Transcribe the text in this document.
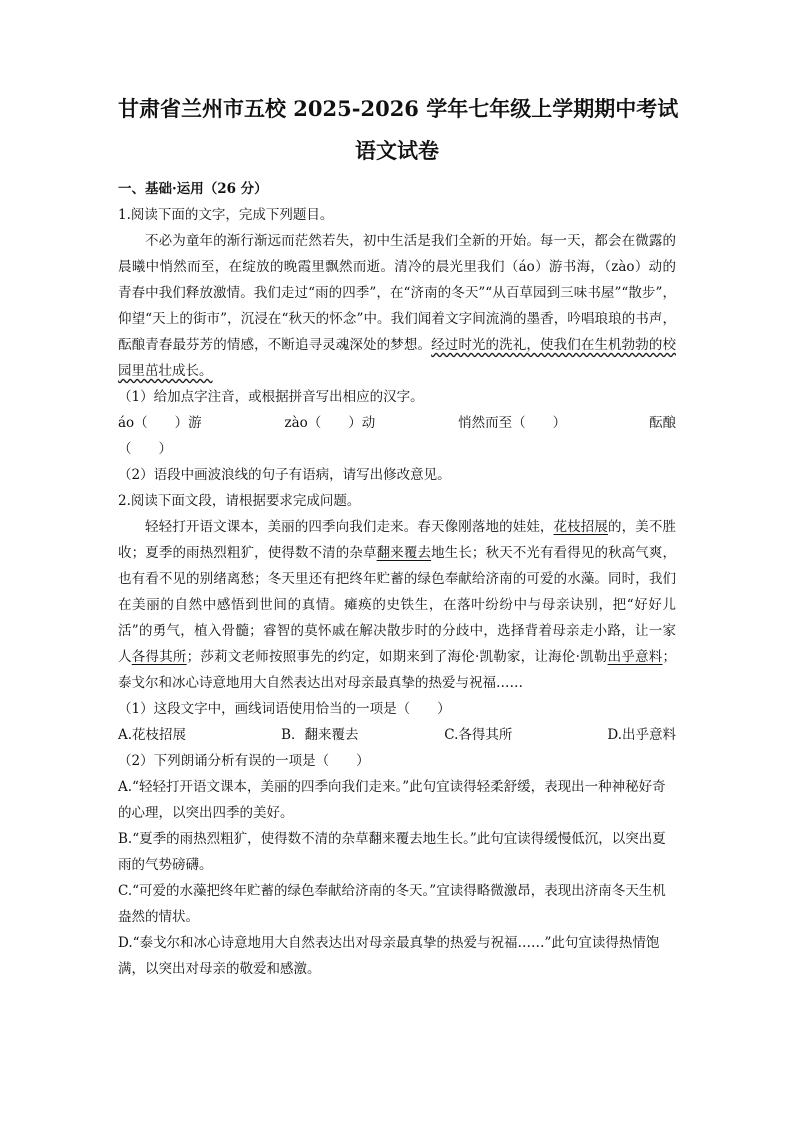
甘肃省兰州市五校 2025-2026 学年七年级上学期期中考试
语文试卷

一、基础·运用（26 分）

1.阅读下面的文字，完成下列题目。

不必为童年的渐行渐远而茫然若失，初中生活是我们全新的开始。每一天，都会在微露的晨曦中悄然而至，在绽放的晚霞里飘然而逝。清冷的晨光里我们（áo）游书海，（zào）动的青春中我们释放激情。我们走过“雨的四季”，在“济南的冬天”“从百草园到三味书屋”“散步”，仰望“天上的街市”，沉浸在“秋天的怀念”中。我们闻着文字间流淌的墨香，吟唱琅琅的书声，酝酿青春最芬芳的情感，不断追寻灵魂深处的梦想。经过时光的洗礼，使我们在生机勃勃的校园里茁壮成长。

（1）给加点字注音，或根据拼音写出相应的汉字。

áo（　　）游	zào（　　）动	悄然而至（　　）	酝酿

（　　）

（2）语段中画波浪线的句子有语病，请写出修改意见。

2.阅读下面文段，请根据要求完成问题。

轻轻打开语文课本，美丽的四季向我们走来。春天像刚落地的娃娃，花枝招展的，美不胜收；夏季的雨热烈粗犷，使得数不清的杂草翻来覆去地生长；秋天不光有看得见的秋高气爽，也有看不见的别绪离愁；冬天里还有把终年贮蓄的绿色奉献给济南的可爱的水藻。同时，我们在美丽的自然中感悟到世间的真情。瘫痪的史铁生，在落叶纷纷中与母亲诀别，把“好好儿活”的勇气，植入骨髓；睿智的莫怀戚在解决散步时的分歧中，选择背着母亲走小路，让一家人各得其所；莎莉文老师按照事先的约定，如期来到了海伦·凯勒家，让海伦·凯勒出乎意料；泰戈尔和冰心诗意地用大自然表达出对母亲最真挚的热爱与祝福……

（1）这段文字中，画线词语使用恰当的一项是（　　）

A.花枝招展	B．翻来覆去	C.各得其所	D.出乎意料

（2）下列朗诵分析有误的一项是（　　）

A.“轻轻打开语文课本，美丽的四季向我们走来。”此句宜读得轻柔舒缓，表现出一种神秘好奇的心理，以突出四季的美好。

B.“夏季的雨热烈粗犷，使得数不清的杂草翻来覆去地生长。”此句宜读得缓慢低沉，以突出夏雨的气势磅礴。

C.“可爱的水藻把终年贮蓄的绿色奉献给济南的冬天。”宜读得略微激昂，表现出济南冬天生机盎然的情状。

D.“泰戈尔和冰心诗意地用大自然表达出对母亲最真挚的热爱与祝福……”此句宜读得热情饱满，以突出对母亲的敬爱和感激。
